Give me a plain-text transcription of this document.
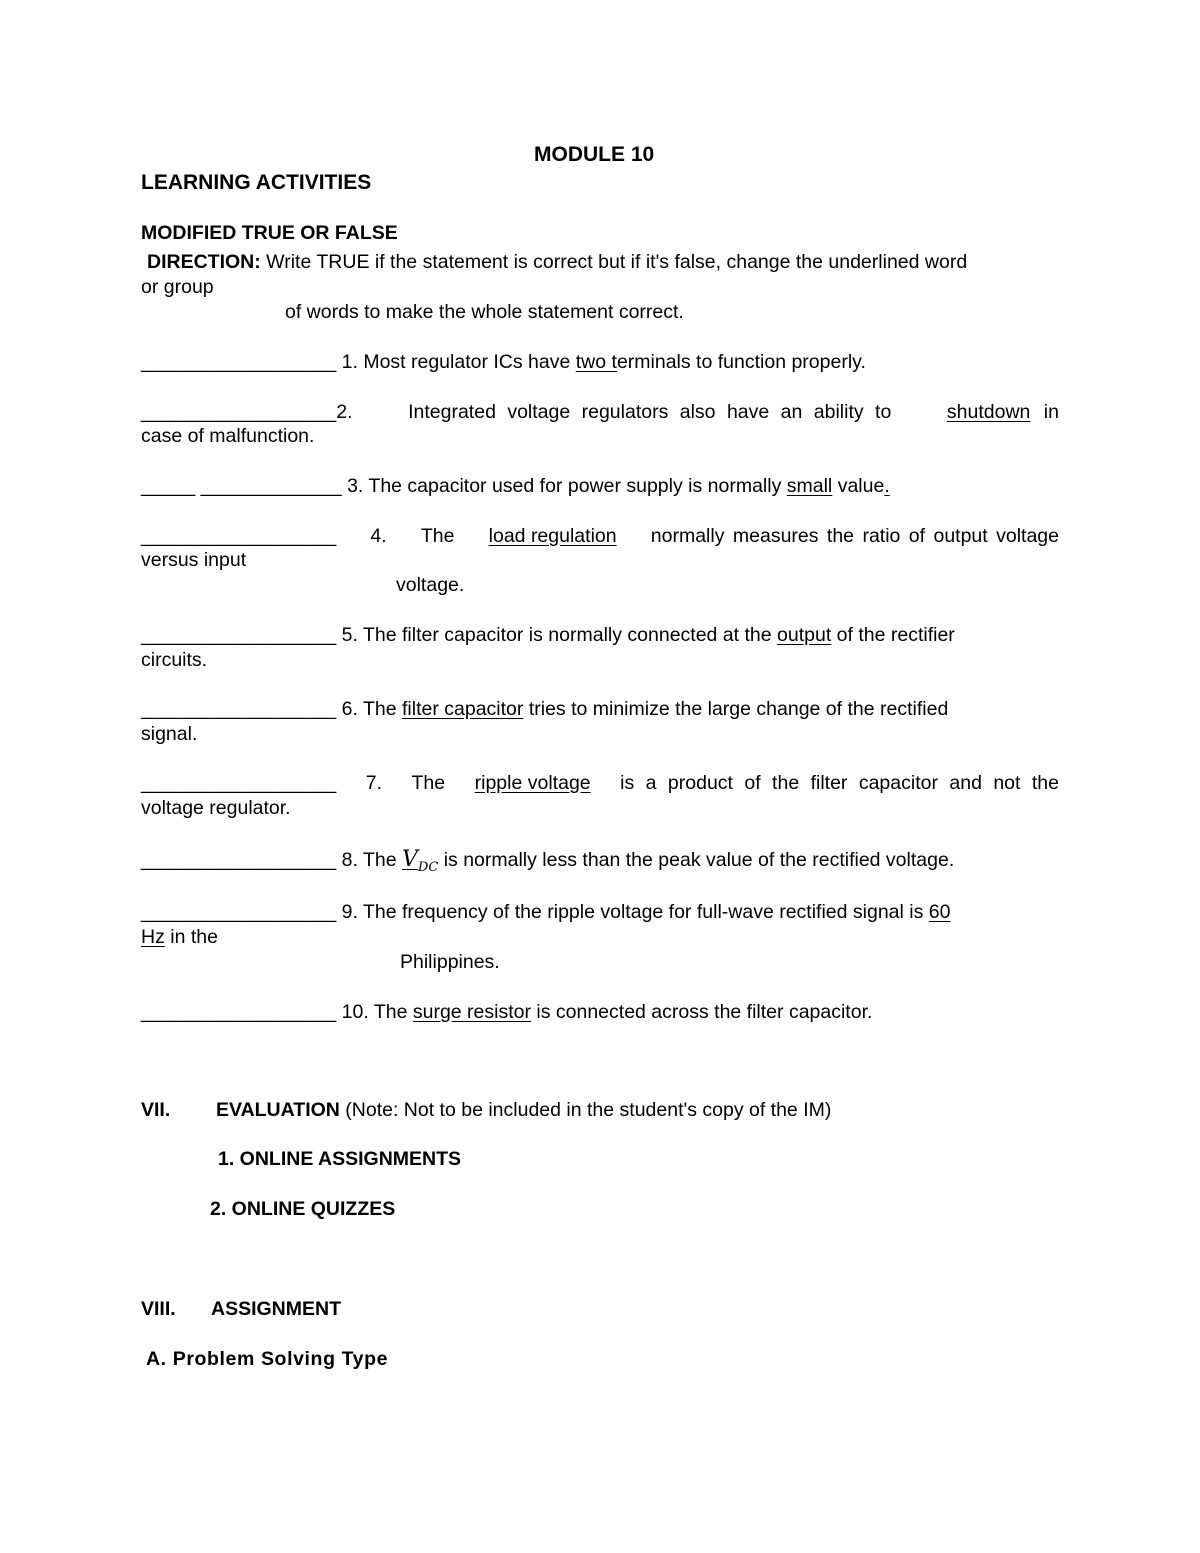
MODULE 10
LEARNING ACTIVITIES
MODIFIED TRUE OR FALSE
DIRECTION: Write TRUE if the statement is correct but if it's false, change the underlined word
or group
of words to make the whole statement correct.
__________________ 1. Most regulator ICs have two terminals to function properly.
__________________2.	Integrated voltage regulators also have an ability to	shutdown in
case of malfunction.
_____ _____________ 3. The capacitor used for power supply is normally small value.
__________________ 4. The load regulation normally measures the ratio of output voltage
versus input
voltage.
__________________ 5. The filter capacitor is normally connected at the output of the rectifier
circuits.
__________________ 6. The filter capacitor tries to minimize the large change of the rectified
signal.
__________________ 7. The ripple voltage is a product of the filter capacitor and not the
voltage regulator.
__________________ 8. The $V_{DC}$ is normally less than the peak value of the rectified voltage.
__________________ 9. The frequency of the ripple voltage for full-wave rectified signal is 60
Hz in the
Philippines.
__________________ 10. The surge resistor is connected across the filter capacitor.
VII. EVALUATION (Note: Not to be included in the student's copy of the IM)
1. ONLINE ASSIGNMENTS
2. ONLINE QUIZZES
VIII. ASSIGNMENT
A. Problem Solving Type
